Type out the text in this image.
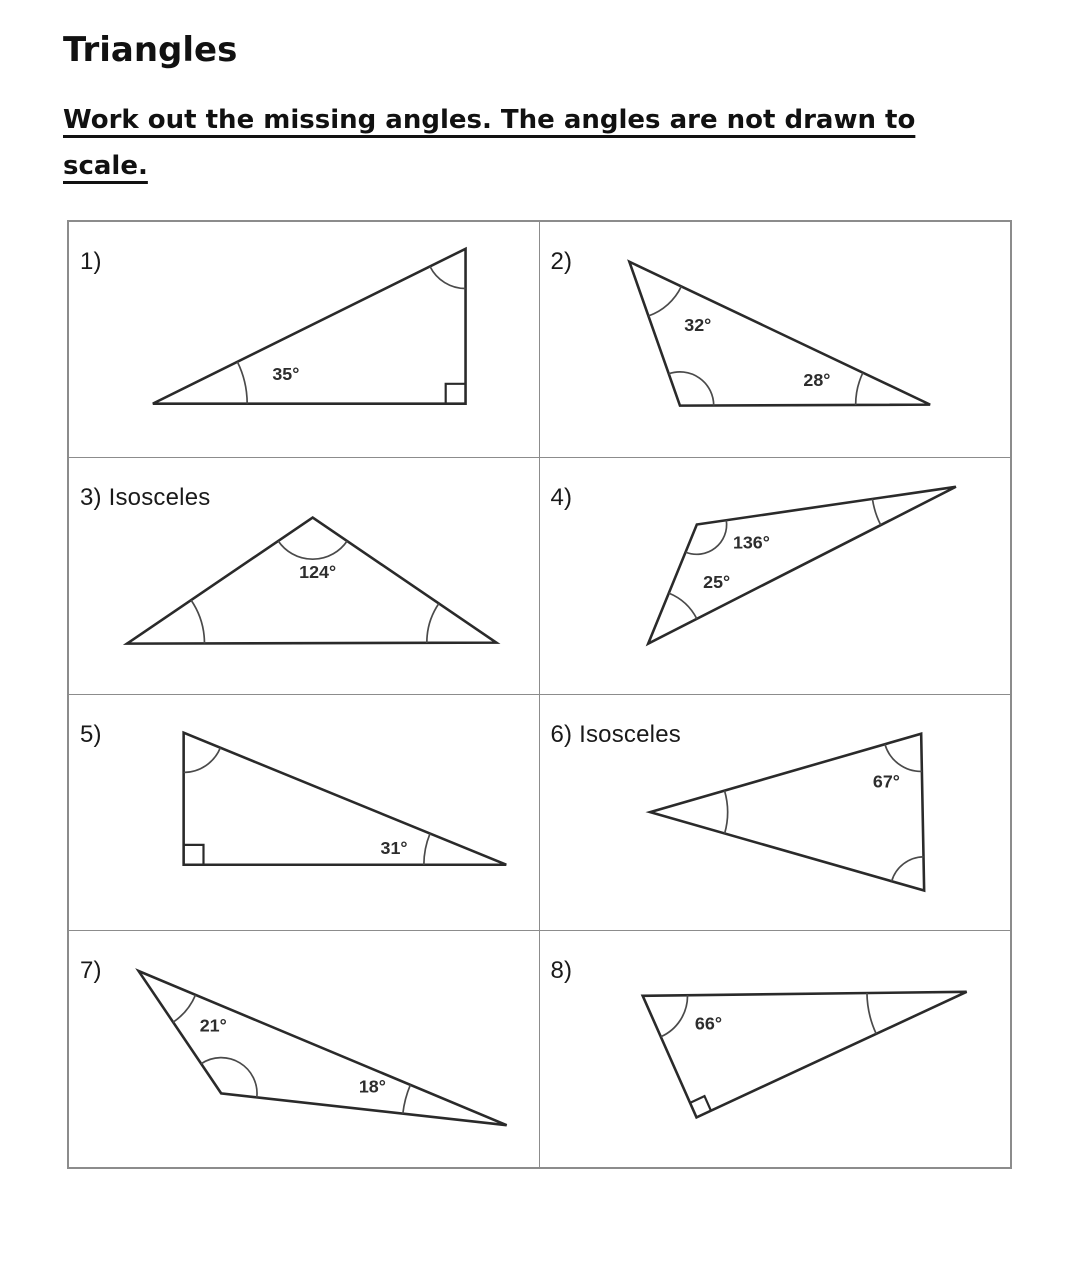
Triangles

Work out the missing angles. The angles are not drawn to scale.

1)
35°
2)
32°
28°
3) Isosceles
124°
4)
136°
25°
5)
31°
6) Isosceles
67°
7)
21°
18°
8)
66°
